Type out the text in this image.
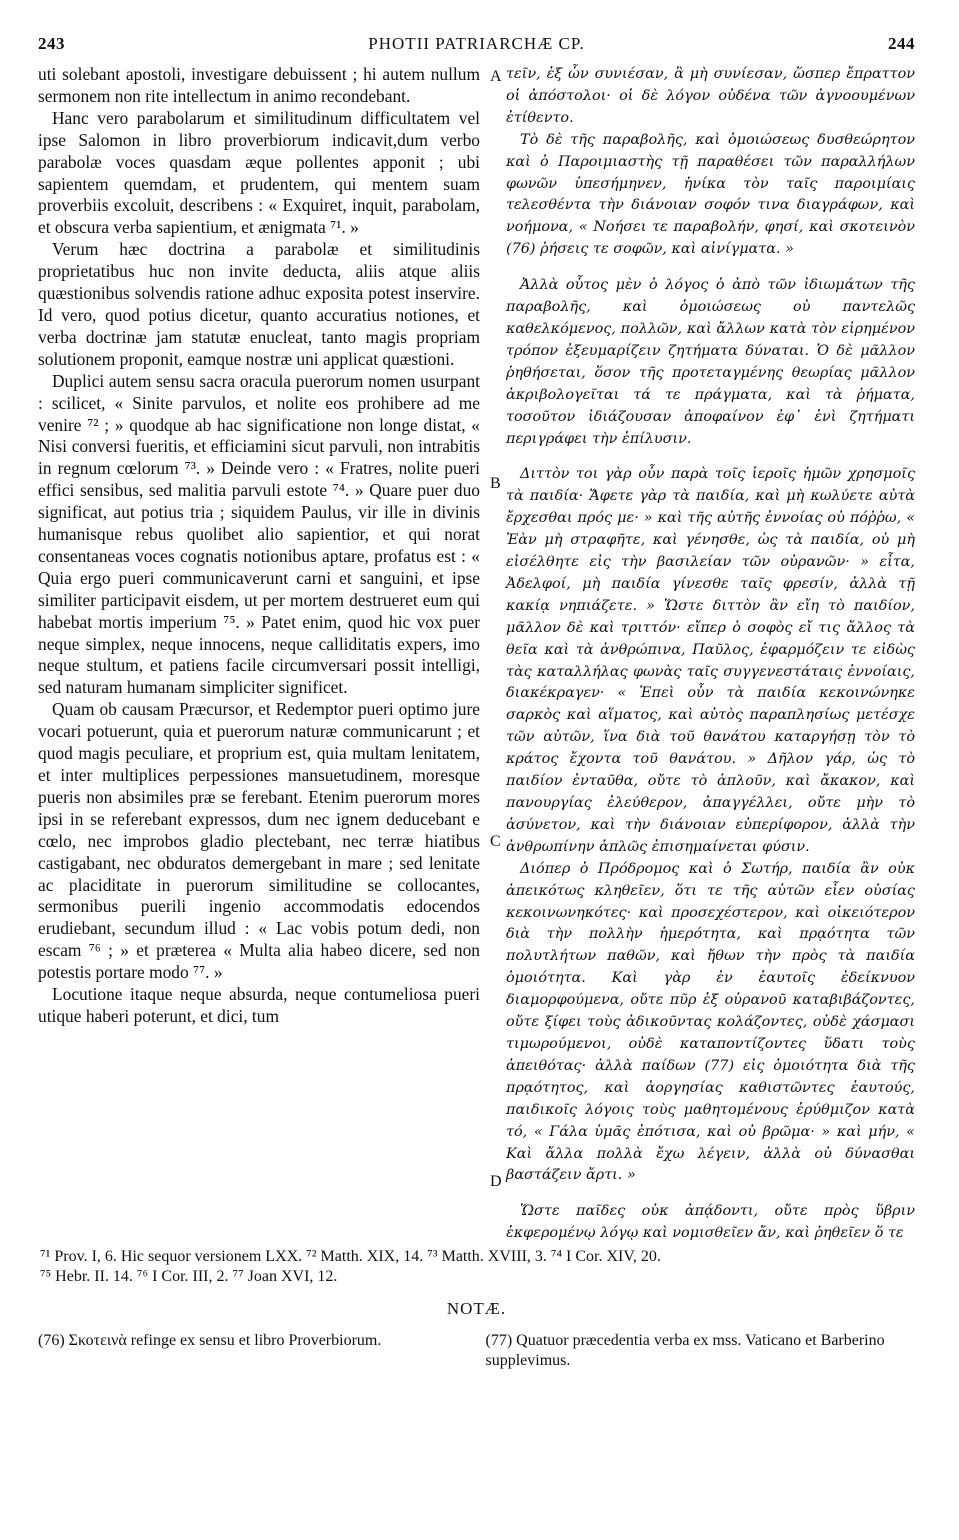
243	PHOTII PATRIARCHÆ CP.	244

uti solebant apostoli, investigare debuissent ; hi autem nullum sermonem non rite intellectum in animo recondebant.

Hanc vero parabolarum et similitudinum difficultatem vel ipse Salomon in libro proverbiorum indicavit,dum verbo parabolæ voces quasdam æque pollentes apponit ; ubi sapientem quemdam, et prudentem, qui mentem suam proverbiis excoluit, describens : « Exquiret, inquit, parabolam, et obscura verba sapientium, et ænigmata ⁷¹. »

Verum hæc doctrina a parabolæ et similitudinis proprietatibus huc non invite deducta, aliis atque aliis quæstionibus solvendis ratione adhuc exposita potest inservire. Id vero, quod potius dicetur, quanto accuratius notiones, et verba doctrinæ jam statutæ enucleat, tanto magis propriam solutionem proponit, eamque nostræ uni applicat quæstioni.

Duplici autem sensu sacra oracula puerorum nomen usurpant : scilicet, « Sinite parvulos, et nolite eos prohibere ad me venire ⁷² ; » quodque ab hac significatione non longe distat, « Nisi conversi fueritis, et efficiamini sicut parvuli, non intrabitis in regnum cœlorum ⁷³. » Deinde vero : « Fratres, nolite pueri effici sensibus, sed malitia parvuli estote ⁷⁴. » Quare puer duo significat, aut potius tria ; siquidem Paulus, vir ille in divinis humanisque rebus quolibet alio sapientior, et qui norat consentaneas voces cognatis notionibus aptare, profatus est : « Quia ergo pueri communicaverunt carni et sanguini, et ipse similiter participavit eisdem, ut per mortem destrueret eum qui habebat mortis imperium ⁷⁵. » Patet enim, quod hic vox puer neque simplex, neque innocens, neque calliditatis expers, imo neque stultum, et patiens facile circumversari possit intelligi, sed naturam humanam simpliciter significet.

Quam ob causam Præcursor, et Redemptor pueri optimo jure vocari potuerunt, quia et puerorum naturæ communicarunt ; et quod magis peculiare, et proprium est, quia multam lenitatem, et inter multiplices perpessiones mansuetudinem, moresque pueris non absimiles præ se ferebant. Etenim puerorum mores ipsi in se referebant expressos, dum nec ignem deducebant e cœlo, nec improbos gladio plectebant, nec terræ hiatibus castigabant, nec obduratos demergebant in mare ; sed lenitate ac placiditate in puerorum similitudine se collocantes, sermonibus puerili ingenio accommodatis edocendos erudiebant, secundum illud : « Lac vobis potum dedi, non escam ⁷⁶ ; » et præterea « Multa alia habeo dicere, sed non potestis portare modo ⁷⁷. »

Locutione itaque neque absurda, neque contumeliosa pueri utique haberi poterunt, et dici, tum

A
B
C
D

τεῖν, ἐξ ὧν συνιέσαν, ἃ μὴ συνίεσαν, ὥσπερ ἔπραττον οἱ ἀπόστολοι· οἱ δὲ λόγον οὐδένα τῶν ἀγνοουμένων ἐτίθεντο.

Τὸ δὲ τῆς παραβολῆς, καὶ ὁμοιώσεως δυσθεώρητον καὶ ὁ Παροιμιαστὴς τῇ παραθέσει τῶν παραλλήλων φωνῶν ὑπεσήμηνεν, ἡνίκα τὸν ταῖς παροιμίαις τελεσθέντα τὴν διάνοιαν σοφόν τινα διαγράφων, καὶ νοήμονα, « Νοήσει τε παραβολήν, φησί, καὶ σκοτεινὸν (76) ῥήσεις τε σοφῶν, καὶ αἰνίγματα. »

Ἀλλὰ οὗτος μὲν ὁ λόγος ὁ ἀπὸ τῶν ἰδιωμάτων τῆς παραβολῆς, καὶ ὁμοιώσεως οὐ παντελῶς καθελκόμενος, πολλῶν, καὶ ἄλλων κατὰ τὸν εἰρημένον τρόπον ἐξευμαρίζειν ζητήματα δύναται. Ὁ δὲ μᾶλλον ῥηθήσεται, ὅσον τῆς προτεταγμένης θεωρίας μᾶλλον ἀκριβολογεῖται τά τε πράγματα, καὶ τὰ ῥήματα, τοσοῦτον ἰδιάζουσαν ἀποφαίνον ἐφ᾽ ἑνὶ ζητήματι περιγράφει τὴν ἐπίλυσιν.

Διττὸν τοι γὰρ οὖν παρὰ τοῖς ἱεροῖς ἡμῶν χρησμοῖς τὰ παιδία· Ἄφετε γὰρ τὰ παιδία, καὶ μὴ κωλύετε αὐτὰ ἔρχεσθαι πρός με· » καὶ τῆς αὐτῆς ἐννοίας οὐ πόῤῥω, « Ἐὰν μὴ στραφῆτε, καὶ γένησθε, ὡς τὰ παιδία, οὐ μὴ εἰσέλθητε εἰς τὴν βασιλείαν τῶν οὐρανῶν· » εἶτα, Ἀδελφοί, μὴ παιδία γίνεσθε ταῖς φρεσίν, ἀλλὰ τῇ κακίᾳ νηπιάζετε. » Ὥστε διττὸν ἂν εἴη τὸ παιδίον, μᾶλλον δὲ καὶ τριττόν· εἴπερ ὁ σοφὸς εἴ τις ἄλλος τὰ θεῖα καὶ τὰ ἀνθρώπινα, Παῦλος, ἐφαρμόζειν τε εἰδὼς τὰς καταλλήλας φωνὰς ταῖς συγγενεστάταις ἐννοίαις, διακέκραγεν· « Ἐπεὶ οὖν τὰ παιδία κεκοινώνηκε σαρκὸς καὶ αἵματος, καὶ αὐτὸς παραπλησίως μετέσχε τῶν αὐτῶν, ἵνα διὰ τοῦ θανάτου καταργήσῃ τὸν τὸ κράτος ἔχοντα τοῦ θανάτου. » Δῆλον γάρ, ὡς τὸ παιδίον ἐνταῦθα, οὔτε τὸ ἁπλοῦν, καὶ ἄκακον, καὶ πανουργίας ἐλεύθερον, ἀπαγγέλλει, οὔτε μὴν τὸ ἀσύνετον, καὶ τὴν διάνοιαν εὐπερίφορον, ἀλλὰ τὴν ἀνθρωπίνην ἁπλῶς ἐπισημαίνεται φύσιν.

Διόπερ ὁ Πρόδρομος καὶ ὁ Σωτήρ, παιδία ἂν οὐκ ἀπεικότως κληθεῖεν, ὅτι τε τῆς αὐτῶν εἶεν οὐσίας κεκοινωνηκότες· καὶ προσεχέστερον, καὶ οἰκειότερον διὰ τὴν πολλὴν ἡμερότητα, καὶ πρᾳότητα τῶν πολυτλήτων παθῶν, καὶ ἤθων τὴν πρὸς τὰ παιδία ὁμοιότητα. Καὶ γὰρ ἐν ἑαυτοῖς ἐδείκνυον διαμορφούμενα, οὔτε πῦρ ἐξ οὐρανοῦ καταβιβάζοντες, οὔτε ξίφει τοὺς ἀδικοῦντας κολάζοντες, οὐδὲ χάσμασι τιμωρούμενοι, οὐδὲ καταποντίζοντες ὕδατι τοὺς ἀπειθότας· ἀλλὰ παίδων (77) εἰς ὁμοιότητα διὰ τῆς πρᾳότητος, καὶ ἀοργησίας καθιστῶντες ἑαυτούς, παιδικοῖς λόγοις τοὺς μαθητομένους ἐρύθμιζον κατὰ τό, « Γάλα ὑμᾶς ἐπότισα, καὶ οὐ βρῶμα· » καὶ μήν, « Καὶ ἄλλα πολλὰ ἔχω λέγειν, ἀλλὰ οὐ δύνασθαι βαστάζειν ἄρτι. »

Ὥστε παῖδες οὐκ ἀπᾴδοντι, οὔτε πρὸς ὕβριν ἐκφερομένῳ λόγῳ καὶ νομισθεῖεν ἄν, καὶ ῥηθεῖεν ὅ τε

⁷¹ Prov. I, 6. Hic sequor versionem LXX. ⁷² Matth. XIX, 14. ⁷³ Matth. XVIII, 3. ⁷⁴ I Cor. XIV, 20.
⁷⁵ Hebr. II. 14. ⁷⁶ I Cor. III, 2. ⁷⁷ Joan XVI, 12.
NOTÆ.
(76) Σκοτεινὰ refinge ex sensu et libro Proverbiorum.	(77) Quatuor præcedentia verba ex mss. Vaticano et Barberino supplevimus.
